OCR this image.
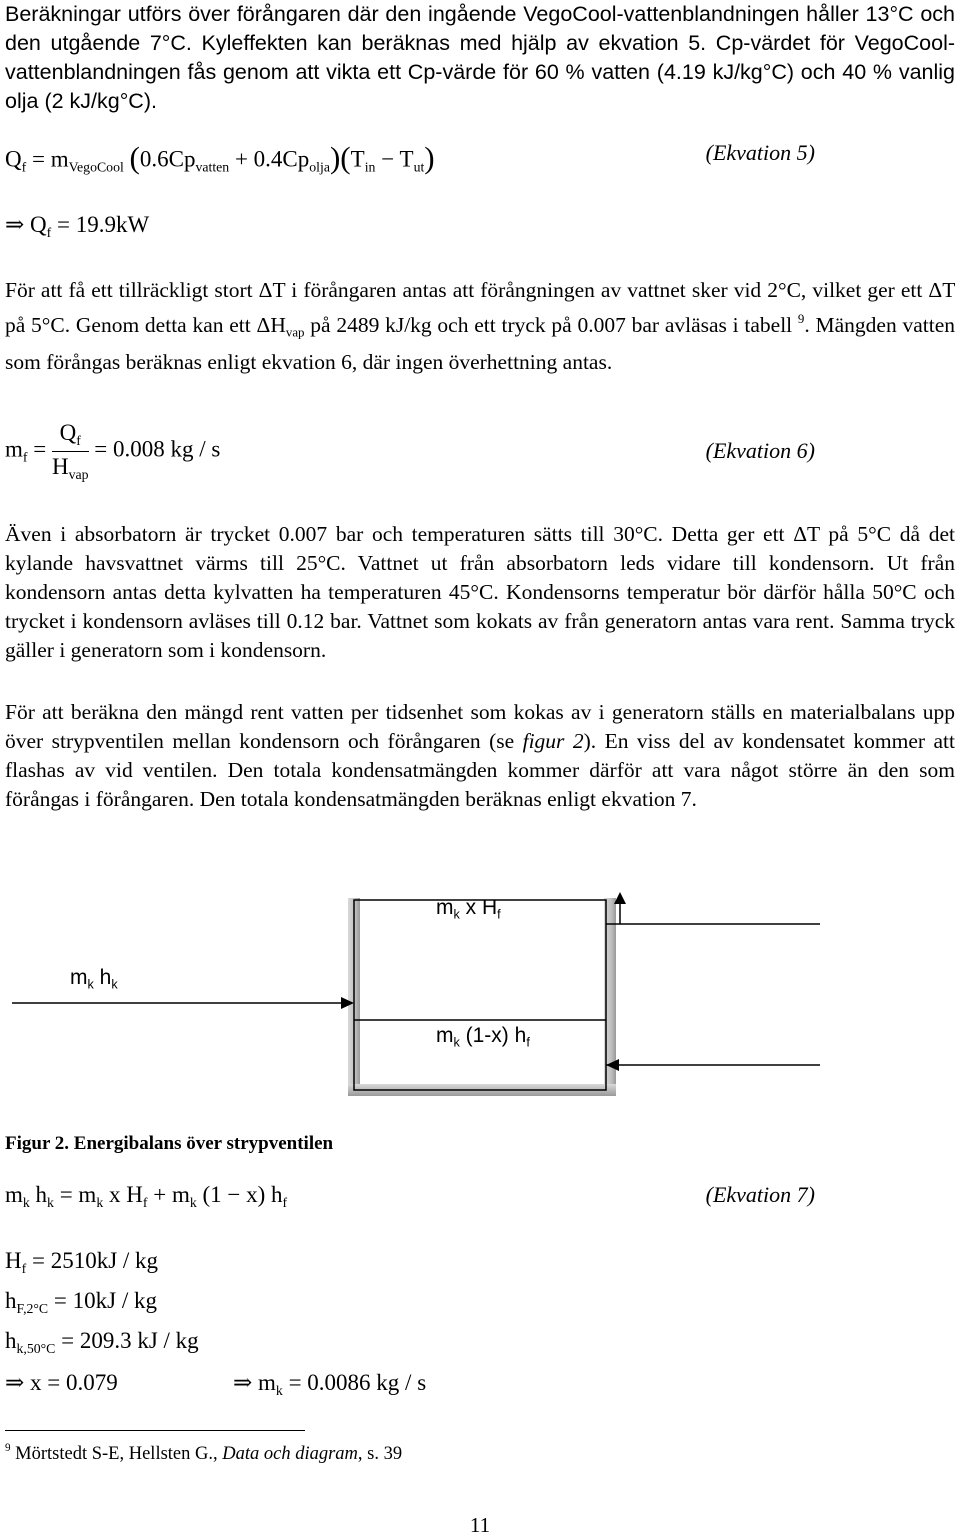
Beräkningar utförs över förångaren där den ingående VegoCool-vattenblandningen håller 13°C och den utgående 7°C. Kyleffekten kan beräknas med hjälp av ekvation 5. Cp-värdet för VegoCool-vattenblandningen fås genom att vikta ett Cp-värde för 60 % vatten (4.19 kJ/kg°C) och 40 % vanlig olja (2 kJ/kg°C).

$Q_f = m_{VegoCool}$ $(0.6Cp_{vatten} + 0.4Cp_{olja})(T_{in} - T_{ut})$	(Ekvation 5)
⇒ $Q_f = 19.9kW$

För att få ett tillräckligt stort ΔT i förångaren antas att förångningen av vattnet sker vid 2°C, vilket ger ett ΔT på 5°C. Genom detta kan ett $\Delta H_{vap}$ på 2489 kJ/kg och ett tryck på 0.007 bar avläsas i tabell $^9$. Mängden vatten som förångas beräknas enligt ekvation 6, där ingen överhettning antas.

$m_f = \frac{Q_f}{H_{vap}} = 0.008$ kg / s	(Ekvation 6)

Även i absorbatorn är trycket 0.007 bar och temperaturen sätts till 30°C. Detta ger ett ΔT på 5°C då det kylande havsvattnet värms till 25°C. Vattnet ut från absorbatorn leds vidare till kondensorn. Ut från kondensorn antas detta kylvatten ha temperaturen 45°C. Kondensorns temperatur bör därför hålla 50°C och trycket i kondensorn avläses till 0.12 bar. Vattnet som kokats av från generatorn antas vara rent. Samma tryck gäller i generatorn som i kondensorn.

För att beräkna den mängd rent vatten per tidsenhet som kokas av i generatorn ställs en materialbalans upp över strypventilen mellan kondensorn och förångaren (se figur 2). En viss del av kondensatet kommer att flashas av vid ventilen. Den totala kondensatmängden kommer därför att vara något större än den som förångas i förångaren. Den totala kondensatmängden beräknas enligt ekvation 7.

$m_k$ $h_k$
$m_k$ x $H_f$
$m_k$ (1-x) $h_f$
Figur 2. Energibalans över strypventilen
$m_k$ $h_k = m_k$ x $H_f + m_k$ (1 − x) $h_f$	(Ekvation 7)
$H_f = 2510kJ$ / kg
$h_{F,2^\circ C} = 10kJ$ / kg
$h_{k,50^\circ C} = 209.3$ kJ / kg
⇒ x = 0.079	⇒ $m_k = 0.0086$ kg / s
$^9$ Mörtstedt S-E, Hellsten G., Data och diagram, s. 39
11
